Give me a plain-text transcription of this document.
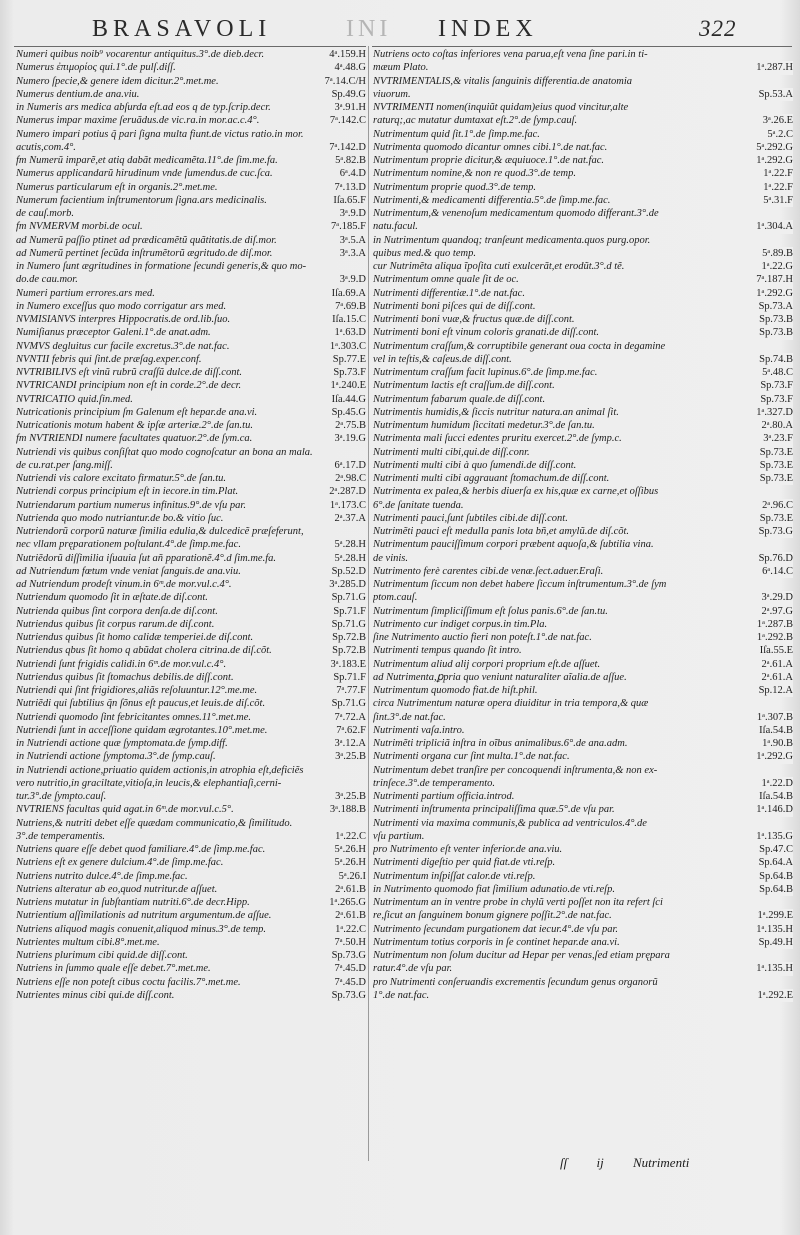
INI
BRASAVOLI	INDEX	322
Numeri quibus noib⁹ vocarentur antiquitus.3°.de dieb.decr.	4ᵃ.159.H
Numerus ἐπιμορίος qui.1°.de pulſ.diſſ.	4ᵃ.48.G
Numero ſpecie,& genere idem dicitur.2°.met.me.	7ᵃ.14.C/H
Numerus dentium.de ana.viu.	Sp.49.G
in Numeris ars medica abſurda eſt.ad eos q de typ.ſcrip.decr.	3ᵃ.91.H
Numerus impar maxime ſeruãdus.de vic.ra.in mor.ac.c.4°.	7ᵃ.142.C
Numero impari potius q̃ pari ſigna multa fiunt.de victus ratio.in mor.
acutis,com.4°.	7ᵃ.142.D
fm Numerũ imparẽ,et atiq dabãt medicamẽta.11°.de ſim.me.fa.	5ᵃ.82.B
Numerus applicandarũ hirudinum vnde ſumendus.de cuc.ſca.	6ᵃ.4.D
Numerus particularum eſt in organis.2°.met.me.	7ᵃ.13.D
Numerum facientium inſtrumentorum ſigna.ars medicinalis.	Iſa.65.F
de cauſ.morb.	3ᵃ.9.D
fm NVMERVM morbi.de ocul.	7ᵃ.185.F
ad Numerũ paſſio ptinet ad prædicamẽtũ quãtitatis.de diſ.mor.	3ᵃ.5.A
ad Numerũ pertinet ſecũda inſtrumẽtorũ ægritudo.de diſ.mor.	3ᵃ.3.A
in Numero ſunt ægritudines in formatione ſecundi generis,& quo mo-
do.de cau.mor.	3ᵃ.9.D
Numeri partium errores.ars med.	Iſa.69.A
in Numero exceſſus quo modo corrigatur ars med.	7ᵃ.69.B
NVMISIANVS interpres Hippocratis.de ord.lib.ſuo.	Iſa.15.C
Numiſianus præceptor Galeni.1°.de anat.adm.	1ᵃ.63.D
NVMVS degluitus cur facile excretus.3°.de nat.fac.	1ᵃ.303.C
NVNTII febris qui ſint.de præſag.exper.conf.	Sp.77.E
NVTRIBILIVS eſt vinũ rubrũ craſſũ dulce.de diſſ.cont.	Sp.73.F
NVTRICANDI principium non eſt in corde.2°.de decr.	1ᵃ.240.E
NVTRICATIO quid.ſin.med.	Iſa.44.G
Nutricationis principium ſm Galenum eſt hepar.de ana.vi.	Sp.45.G
Nutricationis motum habent & ipſæ arteriæ.2°.de ſan.tu.	2ᵃ.75.B
fm NVTRIENDI numere facultates quatuor.2°.de ſym.ca.	3ᵃ.19.G
Nutriendi vis quibus conſiſtat quo modo cognoſcatur an bona an mala.
de cu.rat.per ſang.miſſ.	6ᵃ.17.D
Nutriendi vis calore excitato firmatur.5°.de ſan.tu.	2ᵃ.98.C
Nutriendi corpus principium eſt in iecore.in tim.Plat.	2ᵃ.287.D
Nutriendarum partium numerus infinitus.9°.de vſu par.	1ᵃ.173.C
Nutrienda quo modo nutriantur.de bo.& vitio ſuc.	2ᵃ.37.A
Nutriendorũ corporũ naturæ ſimilia edulia,& dulcedicẽ præſeferunt,
nec vllam pręparationem poſtulant.4°.de ſimp.me.fac.	5ᵃ.28.H
Nutriẽdorũ diſſimilia iſuauia ſut añ pparationẽ.4°.d ſim.me.fa.	5ᵃ.28.H
ad Nutriendum fœtum vnde veniat ſanguis.de ana.viu.	Sp.52.D
ad Nutriendum prodeſt vinum.in 6ᵐ.de mor.vul.c.4°.	3ᵃ.285.D
Nutriendum quomodo ſit in æſtate.de diſ.cont.	Sp.71.G
Nutrienda quibus ſint corpora denſa.de diſ.cont.	Sp.71.F
Nutriendus quibus ſit corpus rarum.de diſ.cont.	Sp.71.G
Nutriendus quibus ſit homo calidæ temperiei.de diſ.cont.	Sp.72.B
Nutriendus qbus ſit homo q abũdat cholera citrina.de diſ.cõt.	Sp.72.B
Nutriendi ſunt frigidis calidi.in 6ᵐ.de mor.vul.c.4°.	3ᵃ.183.E
Nutriendus quibus ſit ſtomachus debilis.de diſſ.cont.	Sp.71.F
Nutriendi qui ſint frigidiores,aliãs reſoluuntur.12°.me.me.	7ᵃ.77.F
Nutriẽdi qui ſubtilius q̃n ſõnus eſt paucus,et leuis.de diſ.cõt.	Sp.71.G
Nutriendi quomodo ſint febricitantes omnes.11°.met.me.	7ᵃ.72.A
Nutriendi ſunt in acceſſione quidam ægrotantes.10°.met.me.	7ᵃ.62.F
in Nutriendi actione quæ ſymptomata.de ſymp.diff.	3ᵃ.12.A
in Nutriendi actione ſymptoma.3°.de ſymp.cauſ.	3ᵃ.25.B
in Nutriendi actione,priuatio quidem actionis,in atrophia eſt,deficiẽs
vero nutritio,in graciltate,vitioſa,in leucis,& elephantiaſi,cerni-
tur.3°.de ſympto.cauſ.	3ᵃ.25.B
NVTRIENS facultas quid agat.in 6ᵐ.de mor.vul.c.5°.	3ᵃ.188.B
Nutriens,& nutriti debet eſſe quædam communicatio,& ſimilitudo.
3°.de temperamentis.	1ᵃ.22.C
Nutriens quare eſſe debet quod familiare.4°.de ſimp.me.fac.	5ᵃ.26.H
Nutriens eſt ex genere dulcium.4°.de ſimp.me.fac.	5ᵃ.26.H
Nutriens nutrito dulce.4°.de ſimp.me.fac.	5ᵃ.26.I
Nutriens alteratur ab eo,quod nutritur.de aſſuet.	2ᵃ.61.B
Nutriens mutatur in ſubſtantiam nutriti.6°.de decr.Hipp.	1ᵃ.265.G
Nutrientium aſſimilationis ad nutritum argumentum.de aſſue.	2ᵃ.61.B
Nutriens aliquod magis conuenit,aliquod minus.3°.de temp.	1ᵃ.22.C
Nutrientes multum cibi.8°.met.me.	7ᵃ.50.H
Nutriens plurimum cibi quid.de diſſ.cont.	Sp.73.G
Nutriens in ſummo quale eſſe debet.7°.met.me.	7ᵃ.45.D
Nutriens eſſe non poteſt cibus coctu facilis.7°.met.me.	7ᵃ.45.D
Nutrientes minus cibi qui.de diſſ.cont.	Sp.73.G
Nutriens octo coſtas inferiores vena parua,eſt vena ſine pari.in ti-
mæum Plato.	1ᵃ.287.H
NVTRIMENTALIS,& vitalis ſanguinis differentia.de anatomia
viuorum.	Sp.53.A
NVTRIMENTI nomen(inquiũt quidam)eius quod vincitur,alte
raturq;,ac mutatur dumtaxat eſt.2°.de ſymp.cauſ.	3ᵃ.26.E
Nutrimentum quid ſit.1°.de ſimp.me.fac.	5ᵃ.2.C
Nutrimenta quomodo dicantur omnes cibi.1°.de nat.fac.	5ᵃ.292.G
Nutrimentum proprie dicitur,& æquiuoce.1°.de nat.fac.	1ᵃ.292.G
Nutrimentum nomine,& non re quod.3°.de temp.	1ᵃ.22.F
Nutrimentum proprie quod.3°.de temp.	1ᵃ.22.F
Nutrimenti,& medicamenti differentia.5°.de ſimp.me.fac.	5ᵃ.31.F
Nutrimentum,& venenoſum medicamentum quomodo differant.3°.de
natu.facul.	1ᵃ.304.A
in Nutrimentum quandoq; tranſeunt medicamenta.quos purg.opor.
quibus med.& quo temp.	5ᵃ.89.B
cur Nutrimẽta aliqua ĩpoſita cuti exulcerãt,et erodũt.3°.d tẽ.	1ᵃ.22.G
Nutrimentum omne quale ſit de oc.	7ᵃ.187.H
Nutrimenti differentiæ.1°.de nat.fac.	1ᵃ.292.G
Nutrimenti boni piſces qui de diſſ.cont.	Sp.73.A
Nutrimenti boni vuæ,& fructus quæ.de diſſ.cont.	Sp.73.B
Nutrimenti boni eſt vinum coloris granati.de diſſ.cont.	Sp.73.B
Nutrimentum craſſum,& corruptibile generant oua cocta in degamine
vel in teſtis,& caſeus.de diſſ.cont.	Sp.74.B
Nutrimentum craſſum facit lupinus.6°.de ſimp.me.fac.	5ᵃ.48.C
Nutrimentum lactis eſt craſſum.de diſſ.cont.	Sp.73.F
Nutrimentum fabarum quale.de diſſ.cont.	Sp.73.F
Nutrimentis humidis,& ſiccis nutritur natura.an animal ſit.	1ᵃ.327.D
Nutrimentum humidum ſiccitati medetur.3°.de ſan.tu.	2ᵃ.80.A
Nutrimenta mali ſucci edentes pruritu exercet.2°.de ſymp.c.	3ᵃ.23.F
Nutrimenti multi cibi,qui.de diſſ.conr.	Sp.73.E
Nutrimenti multi cibi à quo ſumendi.de diſſ.cont.	Sp.73.E
Nutrimenti multi cibi aggrauant ſtomachum.de diſſ.cont.	Sp.73.E
Nutrimenta ex palea,& herbis diuerſa ex his,quæ ex carne,et oſſibus
6°.de ſanitate tuenda.	2ᵃ.96.C
Nutrimenti pauci,ſunt ſubtiles cibi.de diſſ.cont.	Sp.73.E
Nutrimẽti pauci eſt medulla panis lota bñ,et amylũ.de diſ.cõt.	Sp.73.G
Nutrimentum pauciſſimum corpori præbent aquoſa,& ſubtilia vina.
de vinis.	Sp.76.D
Nutrimento ferè carentes cibi.de venæ.ſect.aduer.Eraſi.	6ᵃ.14.C
Nutrimentum ſiccum non debet habere ſiccum inſtrumentum.3°.de ſym
ptom.cauſ.	3ᵃ.29.D
Nutrimentum ſimpliciſſimum eſt ſolus panis.6°.de ſan.tu.	2ᵃ.97.G
Nutrimento cur indiget corpus.in tim.Pla.	1ᵃ.287.B
ſine Nutrimento auctio fieri non poteſt.1°.de nat.fac.	1ᵃ.292.B
Nutrimenti tempus quando ſit intro.	Iſa.55.E
Nutrimentum aliud alij corpori proprium eſt.de aſſuet.	2ᵃ.61.A
ad Nutrimenta,ꝑpria quo veniunt naturaliter aĩalia.de aſſue.	2ᵃ.61.A
Nutrimentum quomodo fiat.de hiſt.phil.	Sp.12.A
circa Nutrimentum naturæ opera diuiditur in tria tempora,& quæ
ſint.3°.de nat.fac.	1ᵃ.307.B
Nutrimenti vaſa.intro.	Iſa.54.B
Nutrimẽti tripliciã inſtra in oĩbus animalibus.6°.de ana.adm.	1ᵃ.90.B
Nutrimenti organa cur ſint multa.1°.de nat.fac.	1ᵃ.292.G
Nutrimentum debet tranſire per concoquendi inſtrumenta,& non ex-
trinſece.3°.de temperamento.	1ᵃ.22.D
Nutrimenti partium officia.introd.	Iſa.54.B
Nutrimenti inſtrumenta principaliſſima quæ.5°.de vſu par.	1ᵃ.146.D
Nutrimenti via maxima communis,& publica ad ventriculos.4°.de
vſu partium.	1ᵃ.135.G
pro Nutrimento eſt venter inferior.de ana.viu.	Sp.47.C
Nutrimenti digeſtio per quid fiat.de vti.reſp.	Sp.64.A
Nutrimentum inſpiſſat calor.de vti.reſp.	Sp.64.B
in Nutrimento quomodo fiat ſimilium adunatio.de vti.reſp.	Sp.64.B
Nutrimentum an in ventre probe in chylũ verti poſſet non ita refert ſci
re,ſicut an ſanguinem bonum gignere poſſit.2°.de nat.fac.	1ᵃ.299.E
Nutrimento ſecundam purgationem dat iecur.4°.de vſu par.	1ᵃ.135.H
Nutrimentum totius corporis in ſe continet hepar.de ana.vi.	Sp.49.H
Nutrimentum non ſolum ducitur ad Hepar per venas,ſed etiam pręparа
ratur.4°.de vſu par.	1ᵃ.135.H
pro Nutrimenti conſeruandis excrementis ſecundum genus organorũ
1°.de nat.fac.	1ᵃ.292.E
ſſ ij Nutrimenti
